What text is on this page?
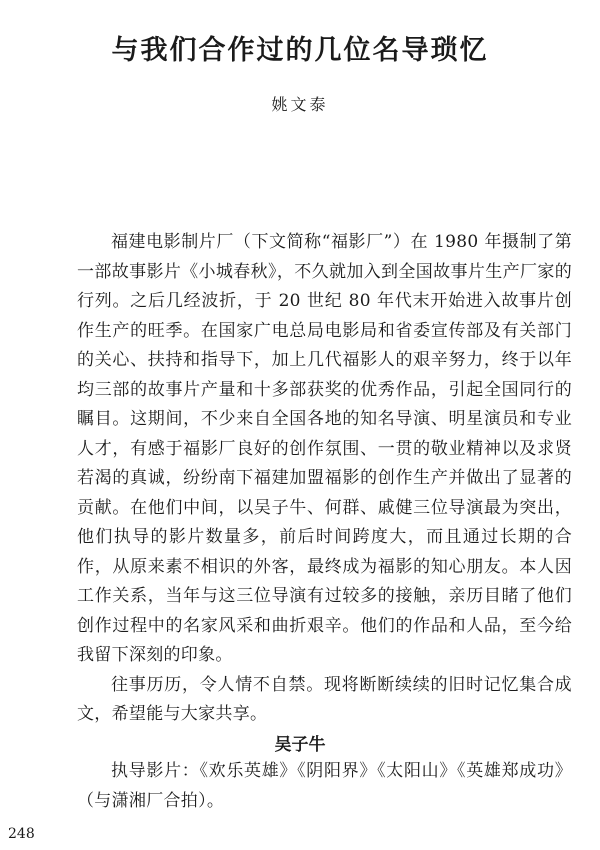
与我们合作过的几位名导琐忆
姚文泰

福建电影制片厂（下文简称“福影厂”）在 1980 年摄制了第一部故事影片《小城春秋》，不久就加入到全国故事片生产厂家的行列。之后几经波折，于 20 世纪 80 年代末开始进入故事片创作生产的旺季。在国家广电总局电影局和省委宣传部及有关部门的关心、扶持和指导下，加上几代福影人的艰辛努力，终于以年均三部的故事片产量和十多部获奖的优秀作品，引起全国同行的瞩目。这期间，不少来自全国各地的知名导演、明星演员和专业人才，有感于福影厂良好的创作氛围、一贯的敬业精神以及求贤若渴的真诚，纷纷南下福建加盟福影的创作生产并做出了显著的贡献。在他们中间，以吴子牛、何群、戚健三位导演最为突出，他们执导的影片数量多，前后时间跨度大，而且通过长期的合作，从原来素不相识的外客，最终成为福影的知心朋友。本人因工作关系，当年与这三位导演有过较多的接触，亲历目睹了他们创作过程中的名家风采和曲折艰辛。他们的作品和人品，至今给我留下深刻的印象。

往事历历，令人情不自禁。现将断断续续的旧时记忆集合成文，希望能与大家共享。

吴子牛

执导影片：《欢乐英雄》《阴阳界》《太阳山》《英雄郑成功》（与潇湘厂合拍）。

248
